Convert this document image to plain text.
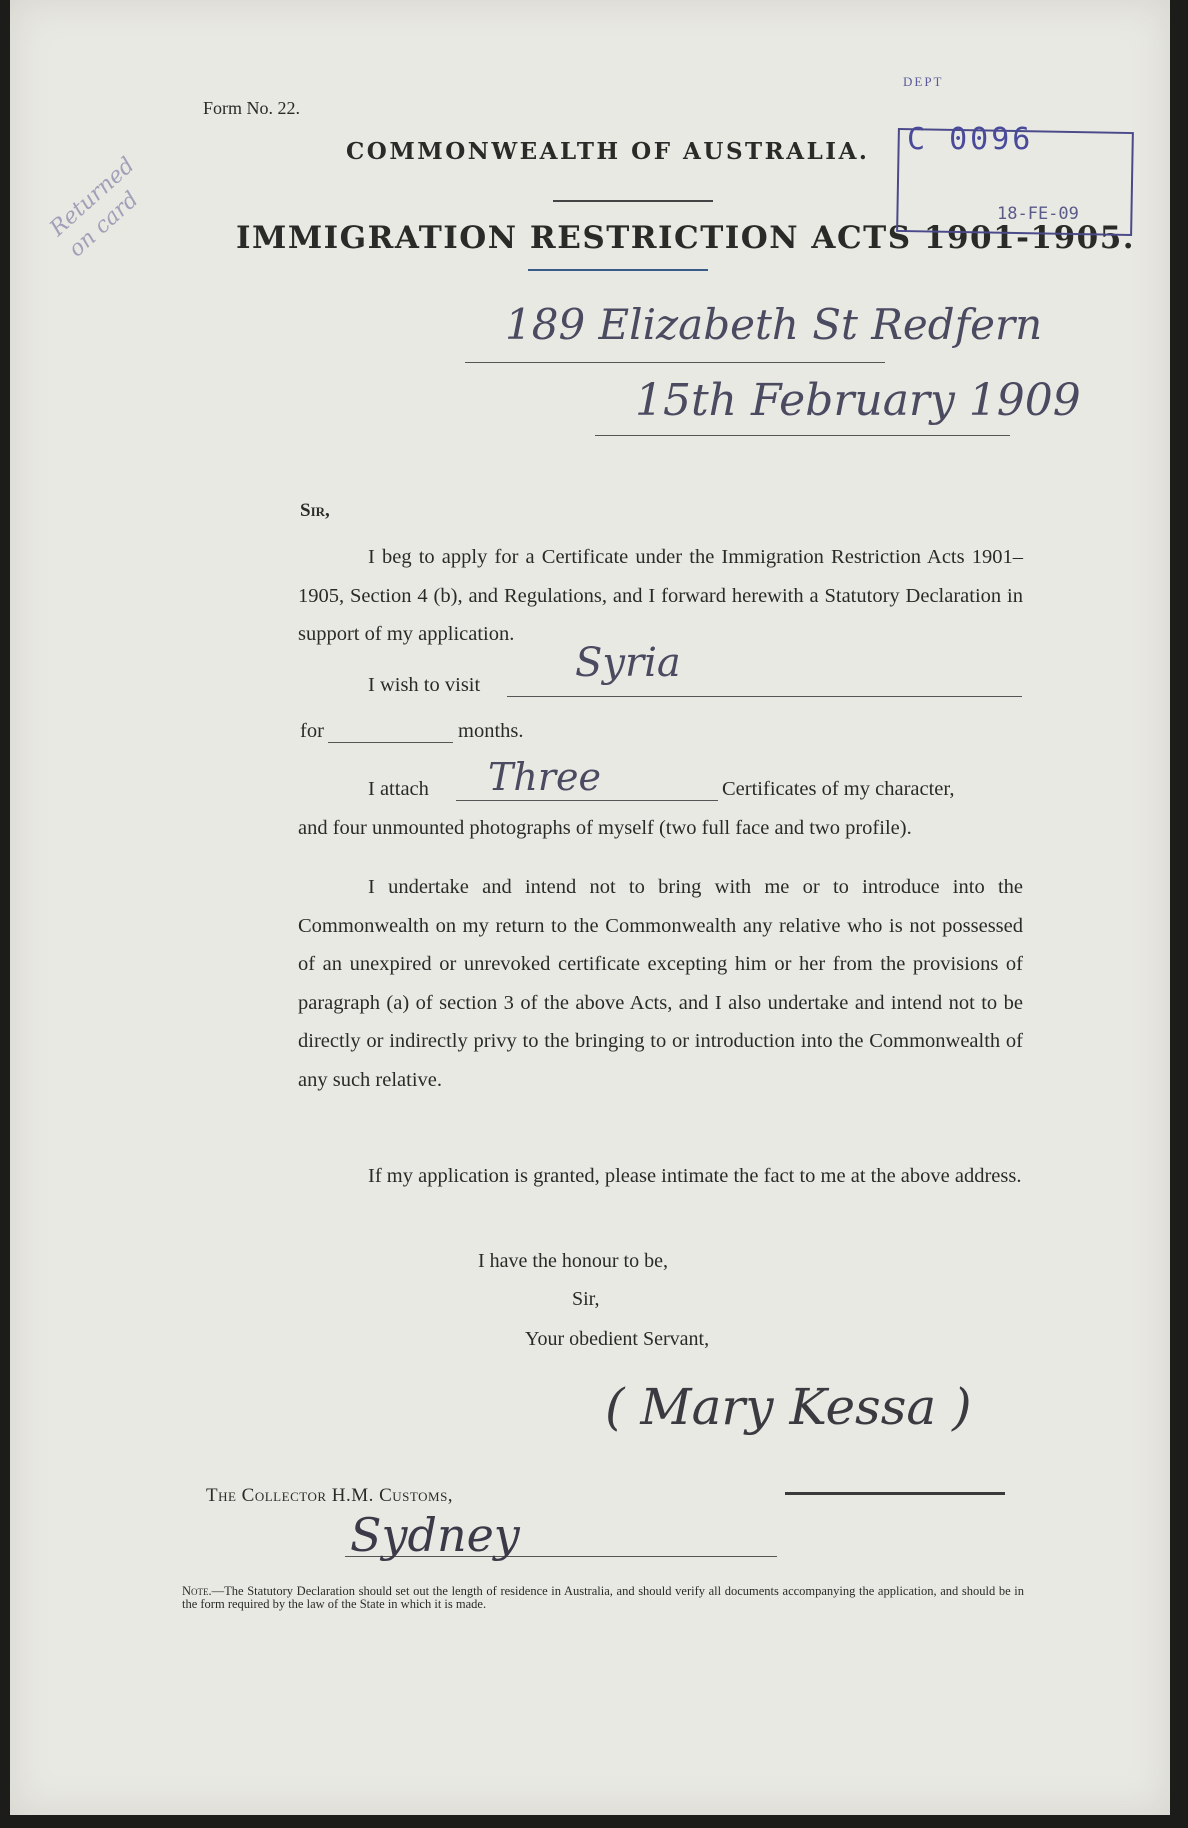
Returned
on card
Form No. 22.
COMMONWEALTH OF AUSTRALIA.
IMMIGRATION RESTRICTION ACTS 1901-1905.
DEPT
C 0096
18-FE-09
189 Elizabeth St Redfern
15th February 1909
Sir,
I beg to apply for a Certificate under the Immigration Restriction Acts 1901–1905, Section 4 (b), and Regulations, and I forward herewith a Statutory Declaration in support of my application.
I wish to visit Syria
for	months.
I attach Three	Certificates of my character,
and four unmounted photographs of myself (two full face and two profile).
I undertake and intend not to bring with me or to introduce into the Commonwealth on my return to the Commonwealth any relative who is not possessed of an unexpired or unrevoked certificate excepting him or her from the provisions of paragraph (a) of section 3 of the above Acts, and I also undertake and intend not to be directly or indirectly privy to the bringing to or introduction into the Commonwealth of any such relative.
If my application is granted, please intimate the fact to me at the above address.
I have the honour to be,
Sir,
Your obedient Servant,
( Mary Kessa )
The Collector H.M. Customs,
Sydney
Note.—The Statutory Declaration should set out the length of residence in Australia, and should verify all documents accompanying the application, and should be in the form required by the law of the State in which it is made.
